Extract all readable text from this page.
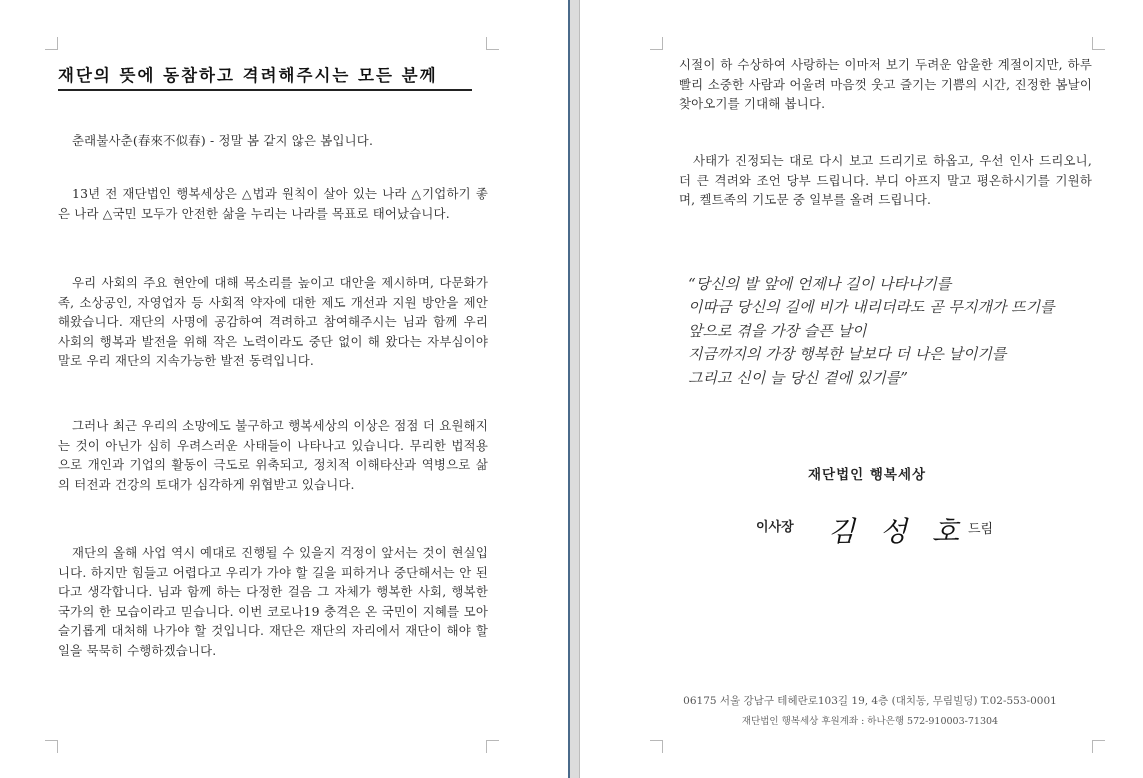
재단의 뜻에 동참하고 격려해주시는 모든 분께

춘래불사춘(春來不似春) - 정말 봄 같지 않은 봄입니다.

13년 전 재단법인 행복세상은 △법과 원칙이 살아 있는 나라 △기업하기 좋은 나라 △국민 모두가 안전한 삶을 누리는 나라를 목표로 태어났습니다.

우리 사회의 주요 현안에 대해 목소리를 높이고 대안을 제시하며, 다문화가족, 소상공인, 자영업자 등 사회적 약자에 대한 제도 개선과 지원 방안을 제안해왔습니다. 재단의 사명에 공감하여 격려하고 참여해주시는 님과 함께 우리 사회의 행복과 발전을 위해 작은 노력이라도 중단 없이 해 왔다는 자부심이야 말로 우리 재단의 지속가능한 발전 동력입니다.

그러나 최근 우리의 소망에도 불구하고 행복세상의 이상은 점점 더 요원해지는 것이 아닌가 심히 우려스러운 사태들이 나타나고 있습니다. 무리한 법적용으로 개인과 기업의 활동이 극도로 위축되고, 정치적 이해타산과 역병으로 삶의 터전과 건강의 토대가 심각하게 위협받고 있습니다.

재단의 올해 사업 역시 예대로 진행될 수 있을지 걱정이 앞서는 것이 현실입니다. 하지만 힘들고 어렵다고 우리가 가야 할 길을 피하거나 중단해서는 안 된다고 생각합니다. 님과 함께 하는 다정한 걸음 그 자체가 행복한 사회, 행복한 국가의 한 모습이라고 믿습니다. 이번 코로나19 충격은 온 국민이 지혜를 모아 슬기롭게 대처해 나가야 할 것입니다. 재단은 재단의 자리에서 재단이 해야 할 일을 묵묵히 수행하겠습니다.

시절이 하 수상하여 사랑하는 이마저 보기 두려운 암울한 계절이지만, 하루빨리 소중한 사람과 어울려 마음껏 웃고 즐기는 기쁨의 시간, 진정한 봄날이 찾아오기를 기대해 봅니다.

사태가 진정되는 대로 다시 보고 드리기로 하옵고, 우선 인사 드리오니, 더 큰 격려와 조언 당부 드립니다. 부디 아프지 말고 평온하시기를 기원하며, 켈트족의 기도문 중 일부를 올려 드립니다.

“당신의 발 앞에 언제나 길이 나타나기를
이따금 당신의 길에 비가 내리더라도 곧 무지개가 뜨기를
앞으로 겪을 가장 슬픈 날이
지금까지의 가장 행복한 날보다 더 나은 날이기를
그리고 신이 늘 당신 곁에 있기를”
재단법인 행복세상
이사장 김 성 호 드림
06175 서울 강남구 테헤란로103길 19, 4층 (대치동, 무림빌딩) T.02-553-0001
재단법인 행복세상 후원계좌 : 하나은행 572-910003-71304
